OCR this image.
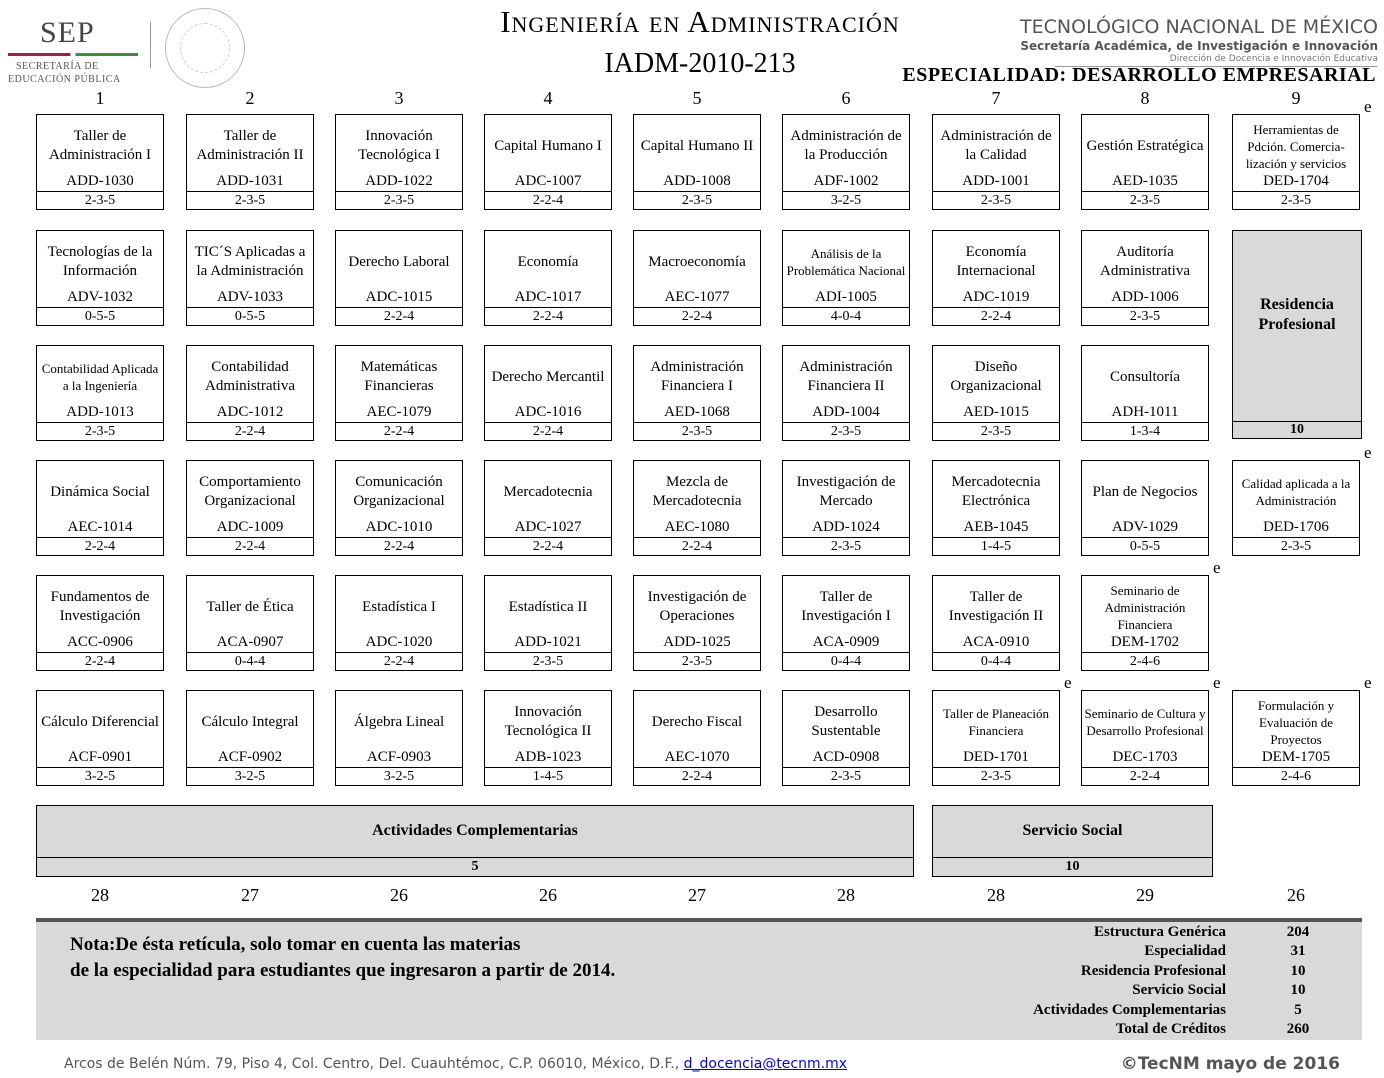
SEP
SECRETARÍA DE
EDUCACIÓN PÚBLICA
Ingeniería en Administración
IADM-2010-213
TECNOLÓGICO NACIONAL DE MÉXICO
Secretaría Académica, de Investigación e Innovación
Dirección de Docencia e Innovación Educativa
ESPECIALIDAD: DESARROLLO EMPRESARIAL
1	2	3	4	5	6	7	8	9
Taller de Administración I
ADD-1030
2-3-5
Taller de Administración II
ADD-1031
2-3-5
Innovación Tecnológica I
ADD-1022
2-3-5
Capital Humano I
ADC-1007
2-2-4
Capital Humano II
ADD-1008
2-3-5
Administración de la Producción
ADF-1002
3-2-5
Administración de la Calidad
ADD-1001
2-3-5
Gestión Estratégica
AED-1035
2-3-5
Herramientas de Pdción. Comercia- lización y servicios
DED-1704
2-3-5
e
Tecnologías de la Información
ADV-1032
0-5-5
TIC´S Aplicadas a la Administración
ADV-1033
0-5-5
Derecho Laboral
ADC-1015
2-2-4
Economía
ADC-1017
2-2-4
Macroeconomía
AEC-1077
2-2-4
Análisis de la Problemática Nacional
ADI-1005
4-0-4
Economía Internacional
ADC-1019
2-2-4
Auditoría Administrativa
ADD-1006
2-3-5
Contabilidad Aplicada a la Ingeniería
ADD-1013
2-3-5
Contabilidad Administrativa
ADC-1012
2-2-4
Matemáticas Financieras
AEC-1079
2-2-4
Derecho Mercantil
ADC-1016
2-2-4
Administración Financiera I
AED-1068
2-3-5
Administración Financiera II
ADD-1004
2-3-5
Diseño Organizacional
AED-1015
2-3-5
Consultoría
ADH-1011
1-3-4
Dinámica Social
AEC-1014
2-2-4
Comportamiento Organizacional
ADC-1009
2-2-4
Comunicación Organizacional
ADC-1010
2-2-4
Mercadotecnia
ADC-1027
2-2-4
Mezcla de Mercadotecnia
AEC-1080
2-2-4
Investigación de Mercado
ADD-1024
2-3-5
Mercadotecnia Electrónica
AEB-1045
1-4-5
Plan de Negocios
ADV-1029
0-5-5
Calidad aplicada a la Administración
DED-1706
2-3-5
e
Fundamentos de Investigación
ACC-0906
2-2-4
Taller de Ética
ACA-0907
0-4-4
Estadística I
ADC-1020
2-2-4
Estadística II
ADD-1021
2-3-5
Investigación de Operaciones
ADD-1025
2-3-5
Taller de Investigación I
ACA-0909
0-4-4
Taller de Investigación II
ACA-0910
0-4-4
Seminario de Administración Financiera
DEM-1702
2-4-6
e
Cálculo Diferencial
ACF-0901
3-2-5
Cálculo Integral
ACF-0902
3-2-5
Álgebra Lineal
ACF-0903
3-2-5
Innovación Tecnológica II
ADB-1023
1-4-5
Derecho Fiscal
AEC-1070
2-2-4
Desarrollo Sustentable
ACD-0908
2-3-5
Taller de Planeación Financiera
DED-1701
2-3-5
e
Seminario de Cultura y Desarrollo Profesional
DEC-1703
2-2-4
e
Formulación y Evaluación de Proyectos
DEM-1705
2-4-6
e
Residencia Profesional
10
Actividades Complementarias
5
Servicio Social
10
28	27	26	26	27	28	28	29	26
Nota:De ésta retícula, solo tomar en cuenta las materias
de la especialidad para estudiantes que ingresaron a partir de 2014.
Estructura Genérica	204
Especialidad	31
Residencia Profesional	10
Servicio Social	10
Actividades Complementarias	5
Total de Créditos	260
Arcos de Belén Núm. 79, Piso 4, Col. Centro, Del. Cuauhtémoc, C.P. 06010, México, D.F., d_docencia@tecnm.mx	©TecNM mayo de 2016
